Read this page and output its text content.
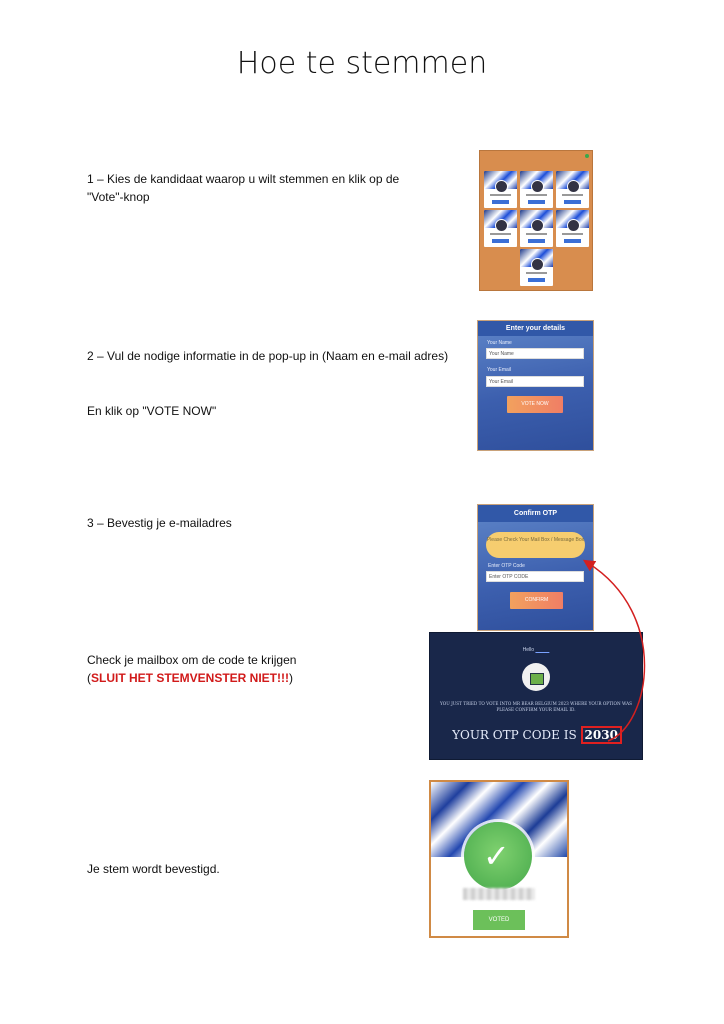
Hoe te stemmen
1 – Kies de kandidaat waarop u wilt stemmen en klik op de
"Vote"-knop
2 – Vul de nodige informatie in de pop-up in (Naam en e-mail adres)
En klik op "VOTE NOW"
Enter your details
Your Name
Your Name
Your Email
Your Email
VOTE NOW
3 – Bevestig je e-mailadres
Confirm OTP
Please Check Your Mail Box / Message Box
Enter OTP Code
Enter OTP CODE
CONFIRM
Check je mailbox om de code te krijgen
(SLUIT HET STEMVENSTER NIET!!!)
Hello
YOU JUST TRIED TO VOTE INTO MR BEAR BELGIUM 2023 WHERE YOUR OPTION WAS PLEASE CONFIRM YOUR EMAIL ID.
YOUR OTP CODE IS 2030
Je stem wordt bevestigd.	✓
VOTED
